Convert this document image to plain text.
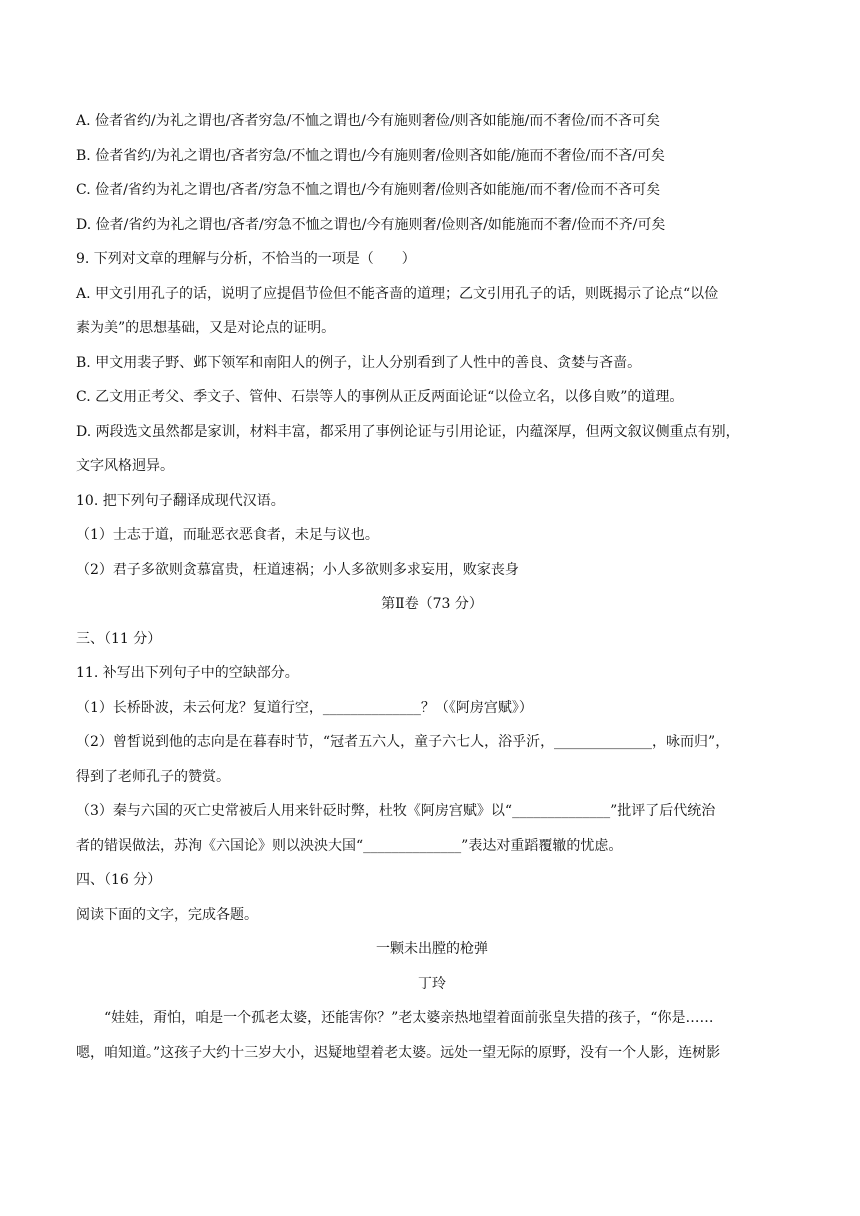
A. 俭者省约/为礼之谓也/吝者穷急/不恤之谓也/今有施则奢俭/则吝如能施/而不奢俭/而不吝可矣
B. 俭者省约/为礼之谓也/吝者穷急/不恤之谓也/今有施则奢/俭则吝如能/施而不奢俭/而不吝/可矣
C. 俭者/省约为礼之谓也/吝者/穷急不恤之谓也/今有施则奢/俭则吝如能施/而不奢/俭而不吝可矣
D. 俭者/省约为礼之谓也/吝者/穷急不恤之谓也/今有施则奢/俭则吝/如能施而不奢/俭而不齐/可矣
9. 下列对文章的理解与分析，不恰当的一项是（　　）
A. 甲文引用孔子的话，说明了应提倡节俭但不能吝啬的道理；乙文引用孔子的话，则既揭示了论点“以俭
素为美”的思想基础，又是对论点的证明。
B. 甲文用裴子野、邺下领军和南阳人的例子，让人分别看到了人性中的善良、贪婪与吝啬。
C. 乙文用正考父、季文子、管仲、石崇等人的事例从正反两面论证“以俭立名，以侈自败”的道理。
D. 两段选文虽然都是家训，材料丰富，都采用了事例论证与引用论证，内蕴深厚，但两文叙议侧重点有别，
文字风格迥异。
10. 把下列句子翻译成现代汉语。
（1）士志于道，而耻恶衣恶食者，未足与议也。
（2）君子多欲则贪慕富贵，枉道速祸；小人多欲则多求妄用，败家丧身
第Ⅱ卷（73 分）
三、（11 分）
11. 补写出下列句子中的空缺部分。
（1）长桥卧波，未云何龙？复道行空，______________？（《阿房宫赋》）
（2）曾皙说到他的志向是在暮春时节，“冠者五六人，童子六七人，浴乎沂，______________，咏而归”，
得到了老师孔子的赞赏。
（3）秦与六国的灭亡史常被后人用来针砭时弊，杜牧《阿房宫赋》以“______________”批评了后代统治
者的错误做法，苏洵《六国论》则以泱泱大国“______________”表达对重蹈覆辙的忧虑。
四、（16 分）
阅读下面的文字，完成各题。
一颗未出膛的枪弹
丁玲
“娃娃，甭怕，咱是一个孤老太婆，还能害你？”老太婆亲热地望着面前张皇失措的孩子，“你是……
嗯，咱知道。”这孩子大约十三岁大小，迟疑地望着老太婆。远处一望无际的原野，没有一个人影，连树影
